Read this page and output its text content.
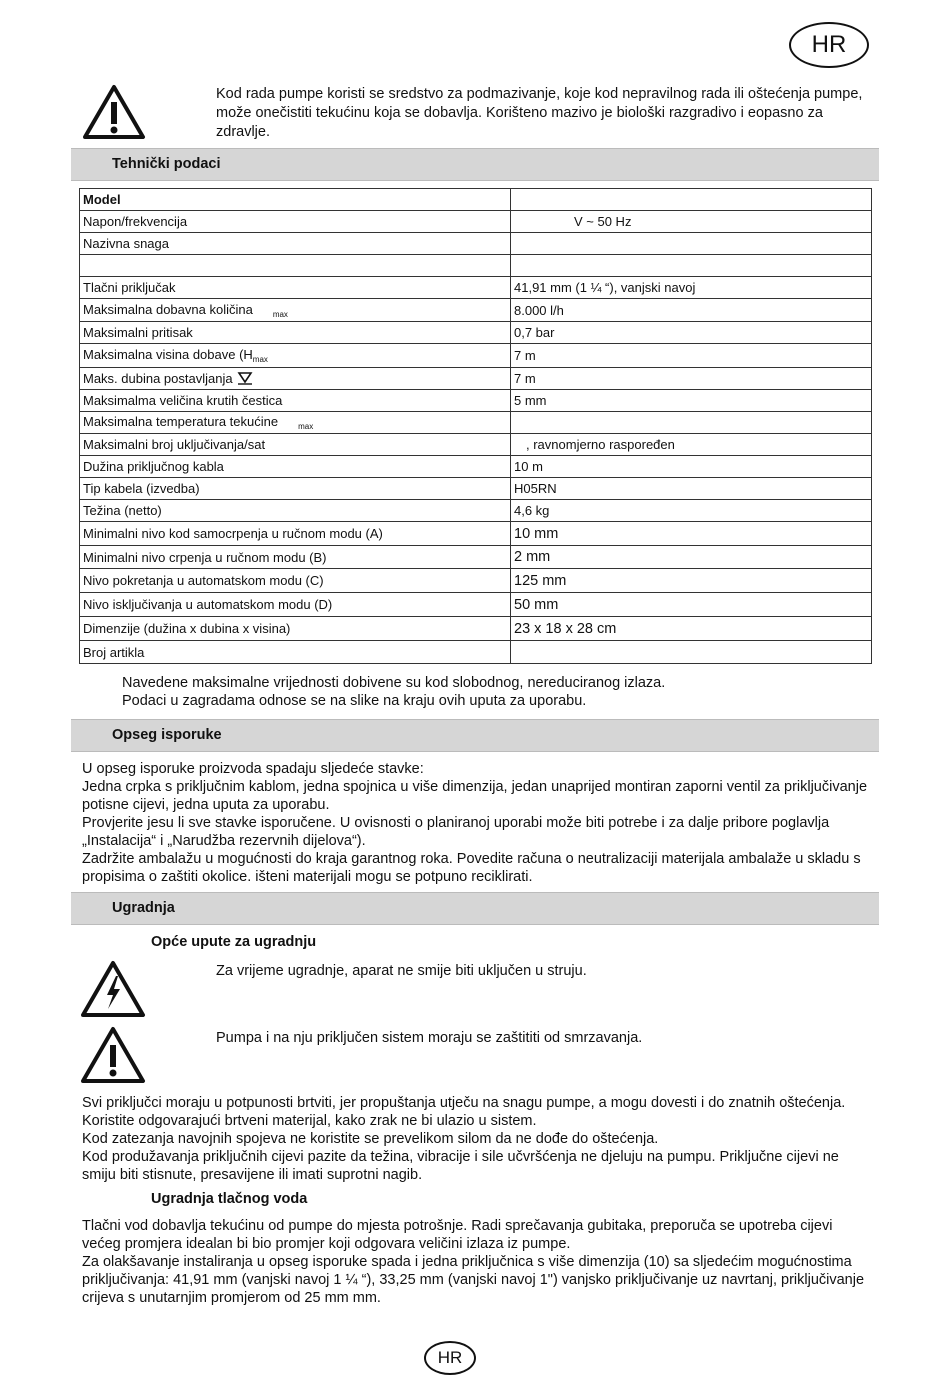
HR
Kod rada pumpe koristi se sredstvo za podmazivanje, koje kod nepravilnog rada ili oštećenja pumpe, može onečistiti tekućinu koja se dobavlja. Korišteno mazivo je biološki razgradivo i eopasno za zdravlje.
Tehnički podaci
Model	
Napon/frekvencija	V ~ 50 Hz
Nazivna snaga	

Tlačni priključak	41,91 mm (1 ¼ “), vanjski navoj
Maksimalna dobavna količina $_{max}$	8.000 l/h
Maksimalni pritisak	0,7 bar
Maksimalna visina dobave ($H_{max}$	7 m
Maks. dubina postavljanja	7 m
Maksimalma veličina krutih čestica	5 mm
Maksimalna temperatura tekućine $_{max}$	
Maksimalni broj uključivanja/sat	, ravnomjerno raspoređen
Dužina priključnog kabla	10 m
Tip kabela (izvedba)	H05RN
Težina (netto)	4,6 kg
Minimalni nivo kod samocrpenja u ručnom modu (A)	10 mm
Minimalni nivo crpenja u ručnom modu (B)	2 mm
Nivo pokretanja u automatskom modu (C)	125 mm
Nivo isključivanja u automatskom modu (D)	50 mm
Dimenzije (dužina x dubina x visina)	23 x 18 x 28 cm
Broj artikla	
Navedene maksimalne vrijednosti dobivene su kod slobodnog, nereduciranog izlaza.
Podaci u zagradama odnose se na slike na kraju ovih uputa za uporabu.
Opseg isporuke
U opseg isporuke proizvoda spadaju sljedeće stavke:
Jedna crpka s priključnim kablom, jedna spojnica u više dimenzija, jedan unaprijed montiran zaporni ventil za priključivanje potisne cijevi, jedna uputa za uporabu.
Provjerite jesu li sve stavke isporučene. U ovisnosti o planiranoj uporabi može biti potrebe i za dalje pribore poglavlja „Instalacija“ i „Narudžba rezervnih dijelova“).
Zadržite ambalažu u mogućnosti do kraja garantnog roka. Povedite računa o neutralizaciji materijala ambalaže u skladu s propisima o zaštiti okolice. išteni materijali mogu se potpuno reciklirati.
Ugradnja
Opće upute za ugradnju
Za vrijeme ugradnje, aparat ne smije biti uključen u struju.
Pumpa i na nju priključen sistem moraju se zaštititi od smrzavanja.
Svi priključci moraju u potpunosti brtviti, jer propuštanja utječu na snagu pumpe, a mogu dovesti i do znatnih oštećenja. Koristite odgovarajući brtveni materijal, kako zrak ne bi ulazio u sistem.
Kod zatezanja navojnih spojeva ne koristite se prevelikom silom da ne dođe do oštećenja.
Kod produžavanja priključnih cijevi pazite da težina, vibracije i sile učvršćenja ne djeluju na pumpu. Priključne cijevi ne smiju biti stisnute, presavijene ili imati suprotni nagib.
Ugradnja tlačnog voda
Tlačni vod dobavlja tekućinu od pumpe do mjesta potrošnje. Radi sprečavanja gubitaka, preporuča se upotreba cijevi većeg promjera idealan bi bio promjer koji odgovara veličini izlaza iz pumpe.
Za olakšavanje instaliranja u opseg isporuke spada i jedna priključnica s više dimenzija (10) sa sljedećim mogućnostima priključivanja: 41,91 mm (vanjski navoj 1 ¼ “), 33,25 mm (vanjski navoj 1") vanjsko priključivanje uz navrtanj, priključivanje crijeva s unutarnjim promjerom od 25 mm mm.
HR
